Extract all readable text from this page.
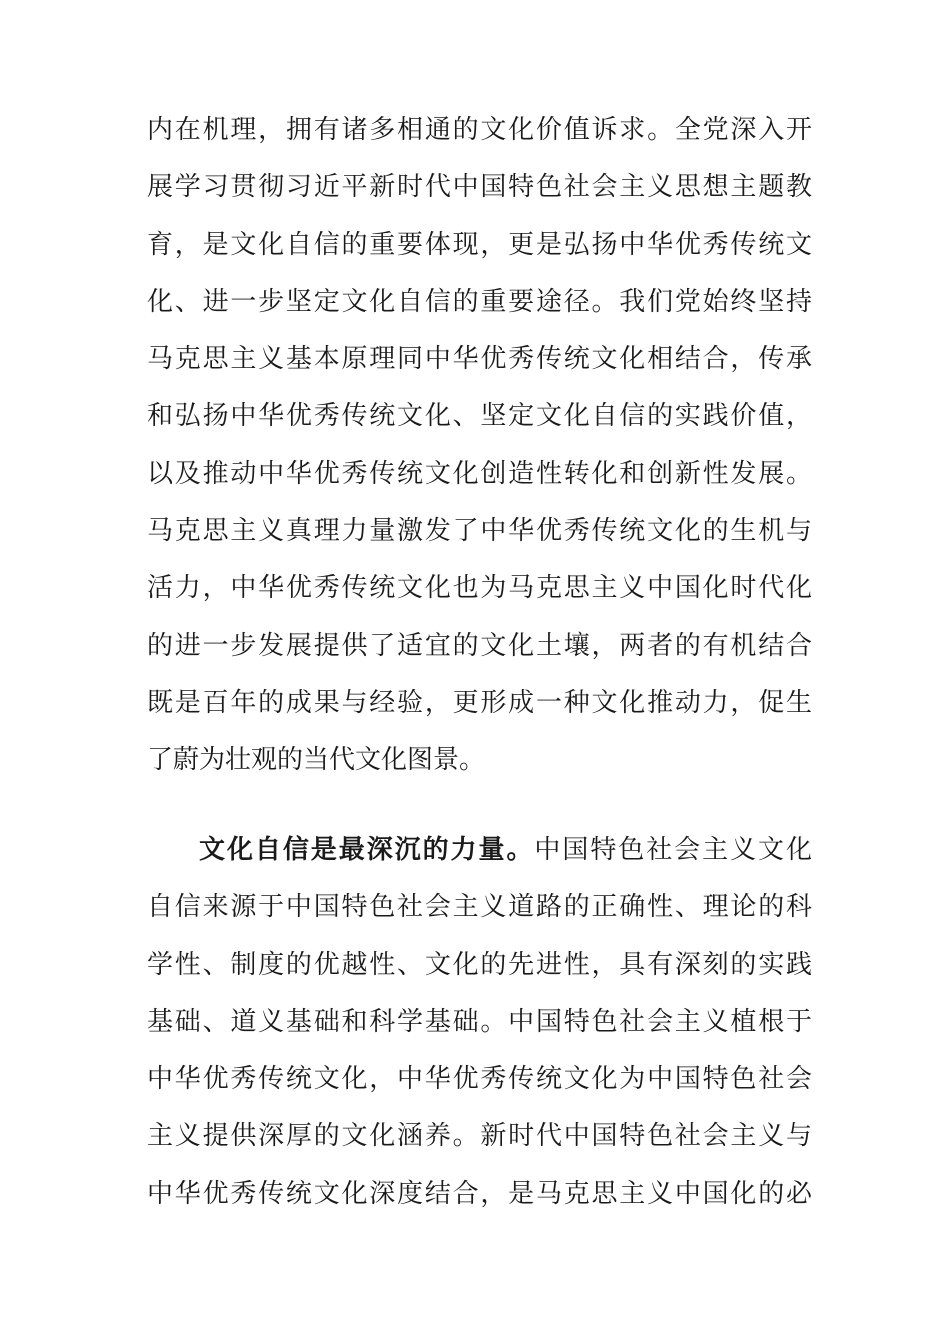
内在机理，拥有诸多相通的文化价值诉求。全党深入开
展学习贯彻习近平新时代中国特色社会主义思想主题教
育，是文化自信的重要体现，更是弘扬中华优秀传统文
化、进一步坚定文化自信的重要途径。我们党始终坚持
马克思主义基本原理同中华优秀传统文化相结合，传承
和弘扬中华优秀传统文化、坚定文化自信的实践价值，
以及推动中华优秀传统文化创造性转化和创新性发展。
马克思主义真理力量激发了中华优秀传统文化的生机与
活力，中华优秀传统文化也为马克思主义中国化时代化
的进一步发展提供了适宜的文化土壤，两者的有机结合
既是百年的成果与经验，更形成一种文化推动力，促生
了蔚为壮观的当代文化图景。
文化自信是最深沉的力量。中国特色社会主义文化
自信来源于中国特色社会主义道路的正确性、理论的科
学性、制度的优越性、文化的先进性，具有深刻的实践
基础、道义基础和科学基础。中国特色社会主义植根于
中华优秀传统文化，中华优秀传统文化为中国特色社会
主义提供深厚的文化涵养。新时代中国特色社会主义与
中华优秀传统文化深度结合，是马克思主义中国化的必
